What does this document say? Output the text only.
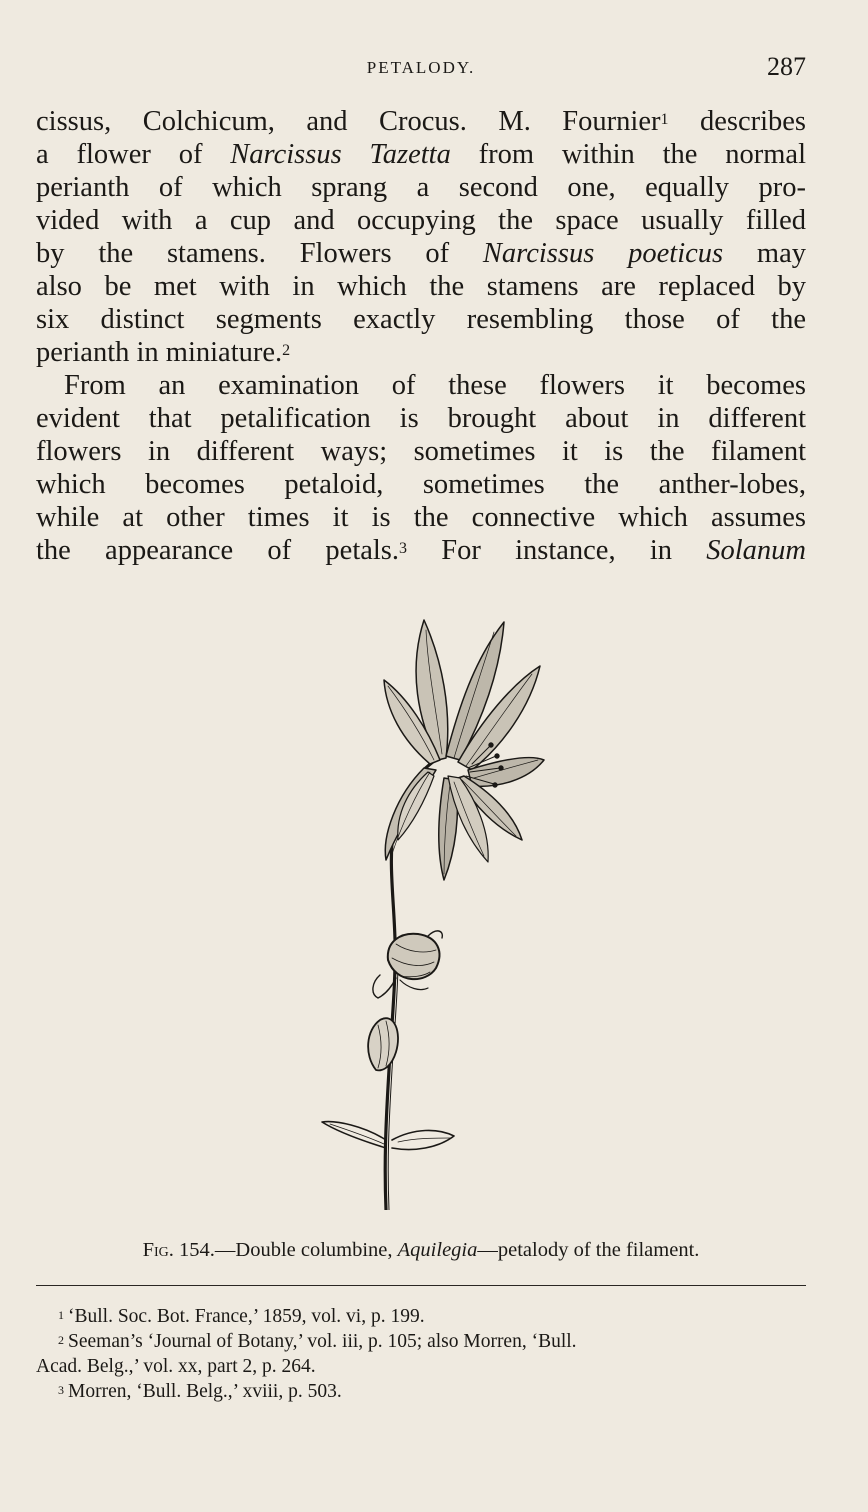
PETALODY.	287
cissus, Colchicum, and Crocus. M. Fournier$^1$ describes
a flower of Narcissus Tazetta from within the normal
perianth of which sprang a second one, equally pro-
vided with a cup and occupying the space usually filled
by the stamens. Flowers of Narcissus poeticus may
also be met with in which the stamens are replaced by
six distinct segments exactly resembling those of the
perianth in miniature.$^2$
From an examination of these flowers it becomes
evident that petalification is brought about in different
flowers in different ways; sometimes it is the filament
which becomes petaloid, sometimes the anther-lobes,
while at other times it is the connective which assumes
the appearance of petals.$^3$ For instance, in Solanum
Fig. 154.—Double columbine, Aquilegia—petalody of the filament.
$^1$ ‘Bull. Soc. Bot. France,’ 1859, vol. vi, p. 199.
$^2$ Seeman’s ‘Journal of Botany,’ vol. iii, p. 105; also Morren, ‘Bull.
Acad. Belg.,’ vol. xx, part 2, p. 264.
$^3$ Morren, ‘Bull. Belg.,’ xviii, p. 503.
